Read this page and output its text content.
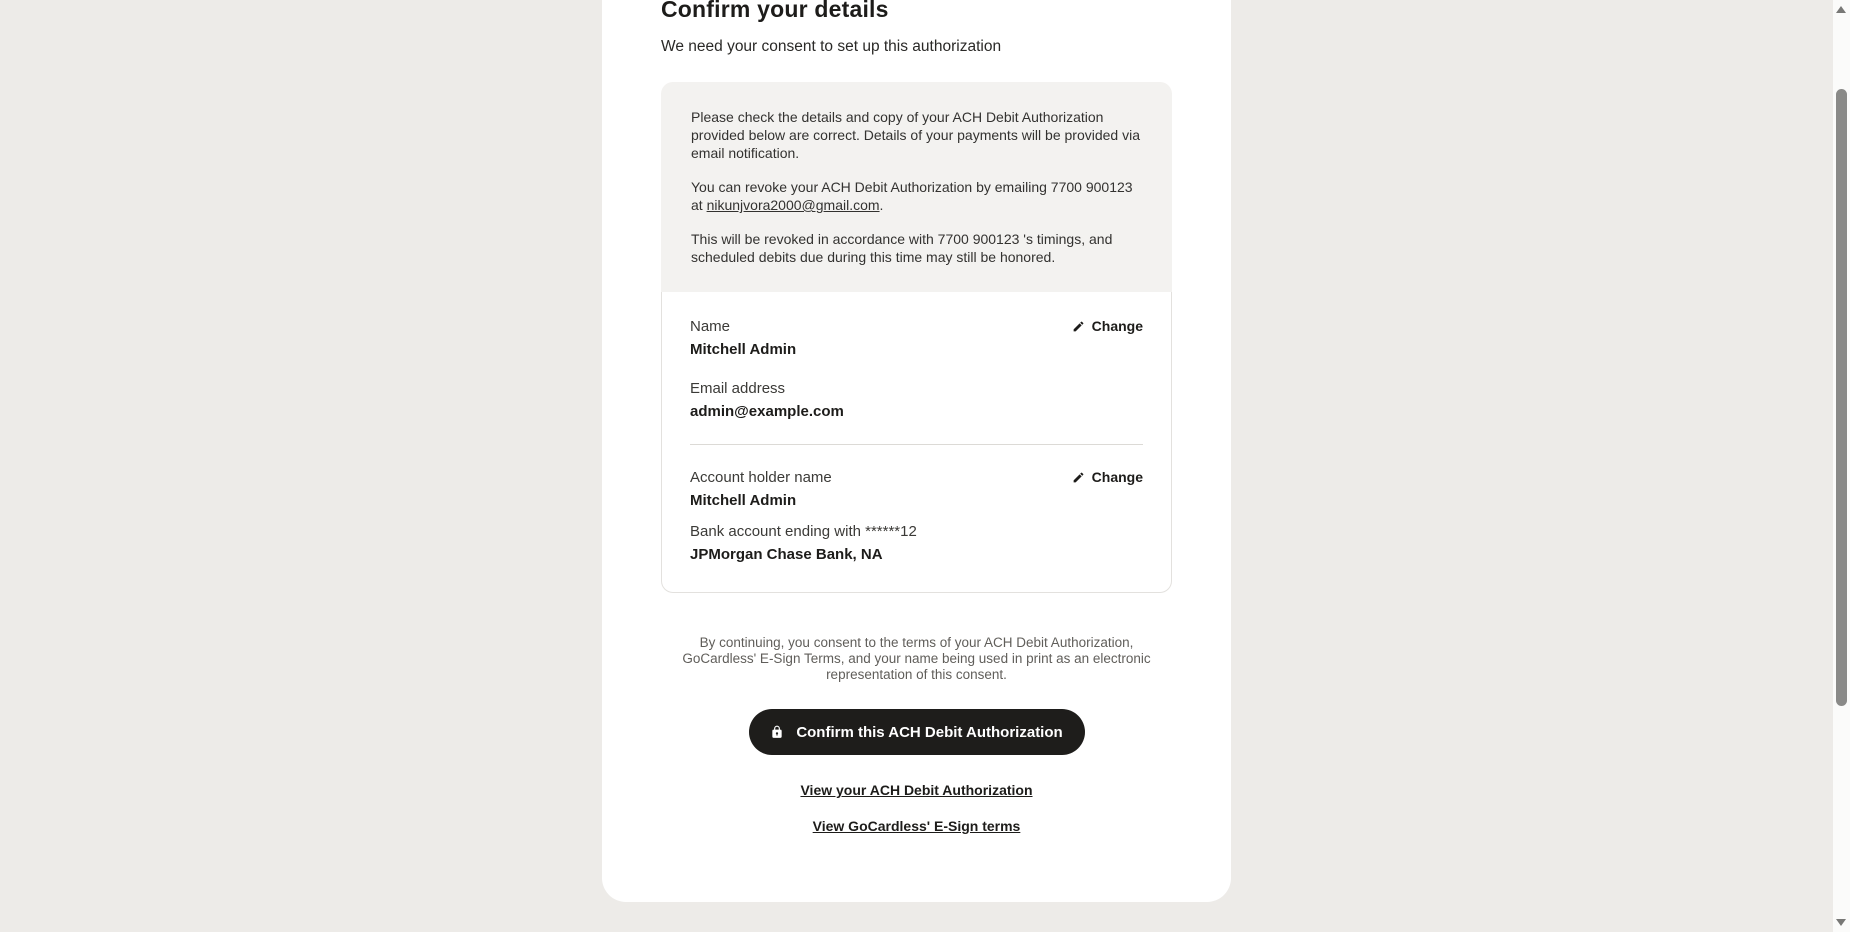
Confirm your details

We need your consent to set up this authorization

Please check the details and copy of your ACH Debit Authorization provided below are correct. Details of your payments will be provided via email notification.

You can revoke your ACH Debit Authorization by emailing 7700 900123 at nikunjvora2000@gmail.com.

This will be revoked in accordance with 7700 900123 's timings, and scheduled debits due during this time may still be honored.

Name	Change
Mitchell Admin
Email address
admin@example.com
Account holder name	Change
Mitchell Admin
Bank account ending with ******12
JPMorgan Chase Bank, NA

By continuing, you consent to the terms of your ACH Debit Authorization, GoCardless' E-Sign Terms, and your name being used in print as an electronic representation of this consent.

Confirm this ACH Debit Authorization
View your ACH Debit Authorization
View GoCardless' E-Sign terms
